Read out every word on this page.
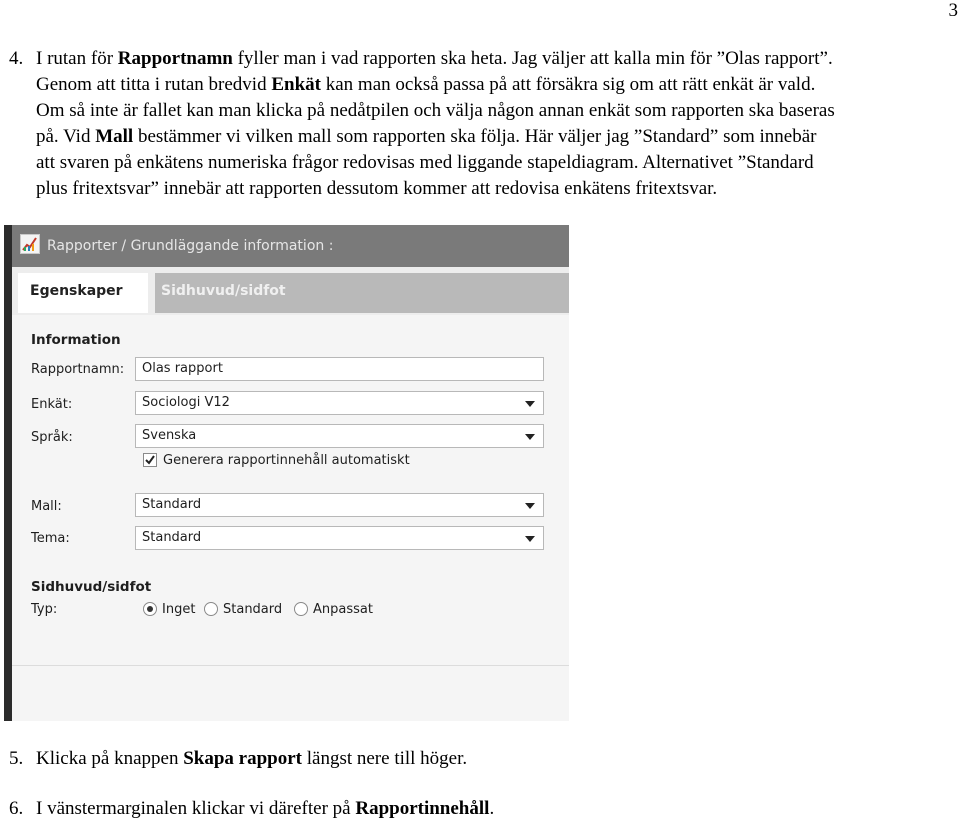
3
4. I rutan för Rapportnamn fyller man i vad rapporten ska heta. Jag väljer att kalla min för ”Olas rapport”.
Genom att titta i rutan bredvid Enkät kan man också passa på att försäkra sig om att rätt enkät är vald.
Om så inte är fallet kan man klicka på nedåtpilen och välja någon annan enkät som rapporten ska baseras
på. Vid Mall bestämmer vi vilken mall som rapporten ska följa. Här väljer jag ”Standard” som innebär
att svaren på enkätens numeriska frågor redovisas med liggande stapeldiagram. Alternativet ”Standard
plus fritextsvar” innebär att rapporten dessutom kommer att redovisa enkätens fritextsvar.
Rapporter / Grundläggande information :
Egenskaper	Sidhuvud/sidfot
Information
Rapportnamn:	Olas rapport
Enkät:	Sociologi V12
Språk:	Svenska
Generera rapportinnehåll automatiskt
Mall:	Standard
Tema:	Standard
Sidhuvud/sidfot
Typ:	Inget Standard Anpassat
5. Klicka på knappen Skapa rapport längst nere till höger.
6. I vänstermarginalen klickar vi därefter på Rapportinnehåll.
